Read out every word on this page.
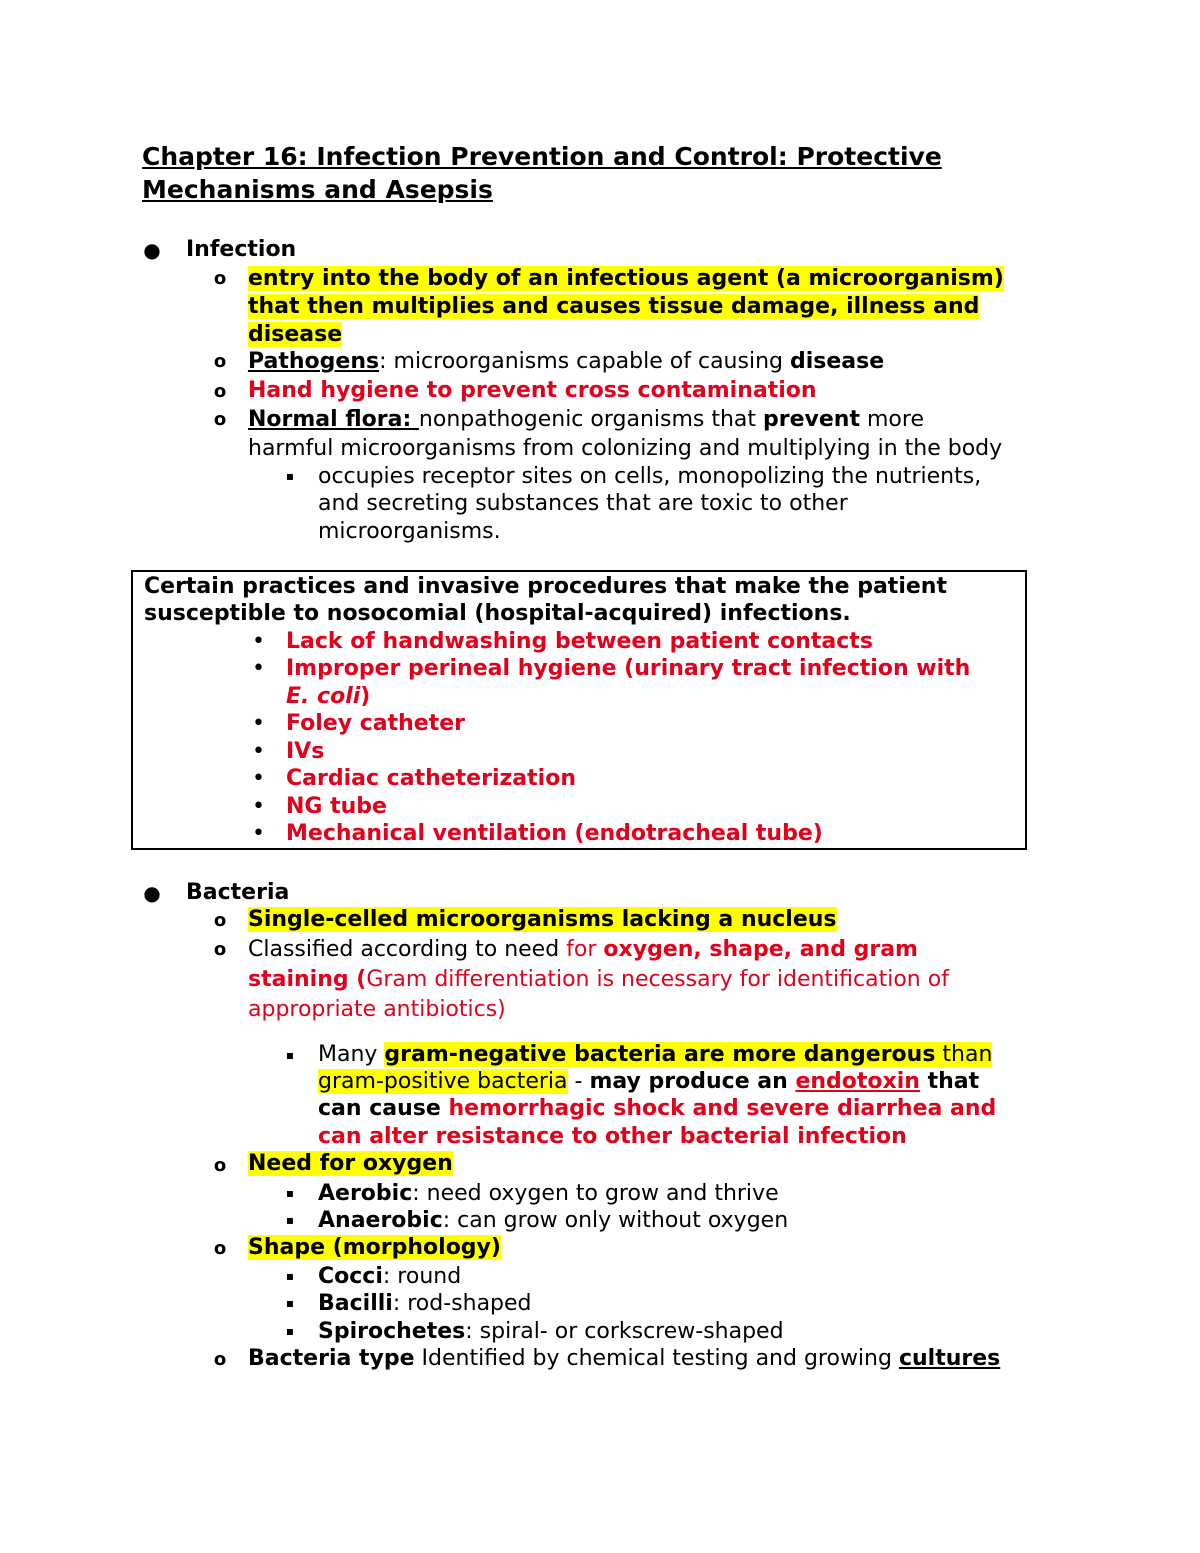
Chapter 16: Infection Prevention and Control: Protective
Mechanisms and Asepsis
● Infection
o entry into the body of an infectious agent (a microorganism)
that then multiplies and causes tissue damage, illness and
disease
o Pathogens: microorganisms capable of causing disease
o Hand hygiene to prevent cross contamination
o Normal flora: nonpathogenic organisms that prevent more
harmful microorganisms from colonizing and multiplying in the body
▪ occupies receptor sites on cells, monopolizing the nutrients,
and secreting substances that are toxic to other
microorganisms.
Certain practices and invasive procedures that make the patient
susceptible to nosocomial (hospital-acquired) infections.
• Lack of handwashing between patient contacts
• Improper perineal hygiene (urinary tract infection with
E. coli)
• Foley catheter
• IVs
• Cardiac catheterization
• NG tube
• Mechanical ventilation (endotracheal tube)
● Bacteria
o Single-celled microorganisms lacking a nucleus
o Classified according to need for oxygen, shape, and gram
staining (Gram differentiation is necessary for identification of
appropriate antibiotics)
▪ Many gram-negative bacteria are more dangerous than
gram-positive bacteria - may produce an endotoxin that
can cause hemorrhagic shock and severe diarrhea and
can alter resistance to other bacterial infection
o Need for oxygen
▪ Aerobic: need oxygen to grow and thrive
▪ Anaerobic: can grow only without oxygen
o Shape (morphology)
▪ Cocci: round
▪ Bacilli: rod-shaped
▪ Spirochetes: spiral- or corkscrew-shaped
o Bacteria type Identified by chemical testing and growing cultures
